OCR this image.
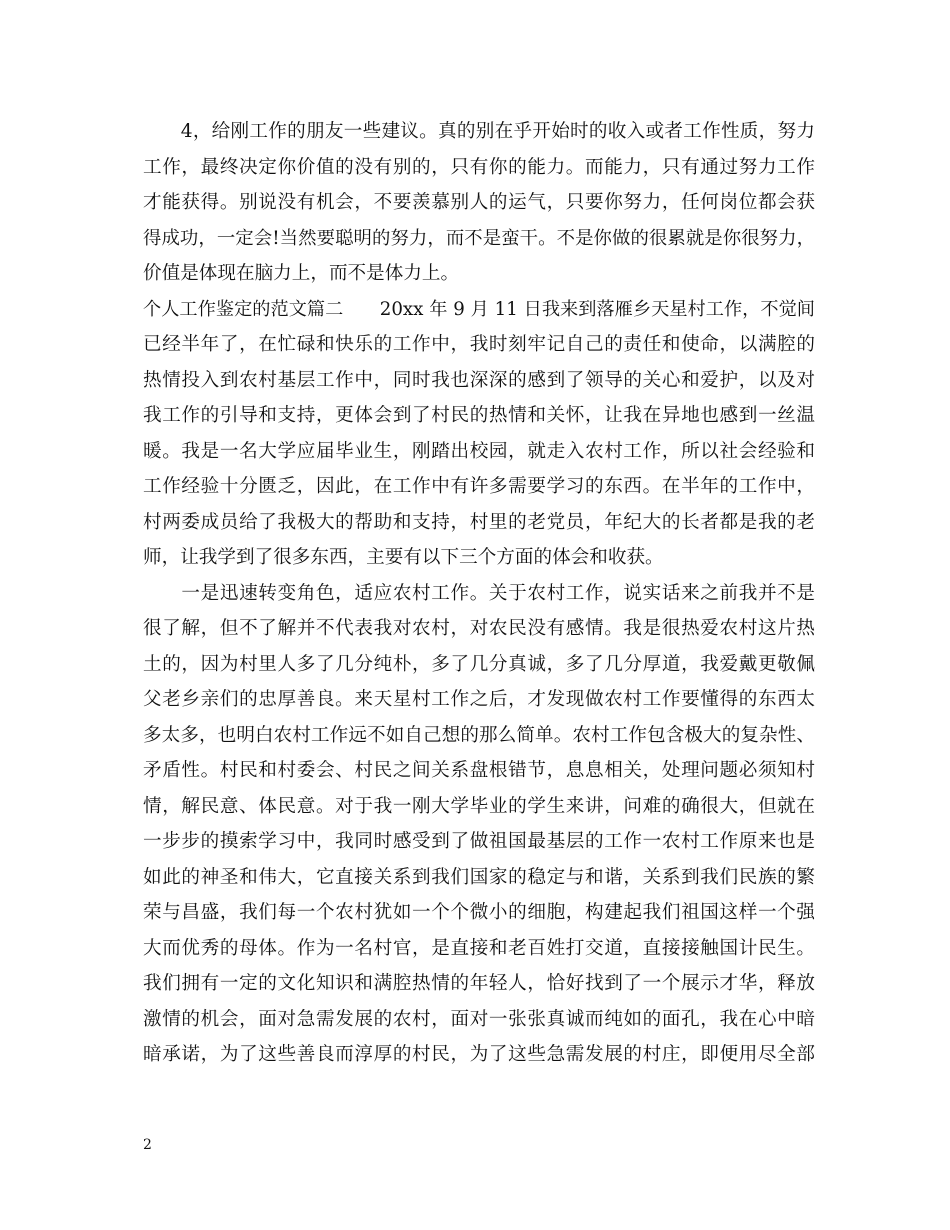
　　4，给刚工作的朋友一些建议。真的别在乎开始时的收入或者工作性质，努力
工作，最终决定你价值的没有别的，只有你的能力。而能力，只有通过努力工作
才能获得。别说没有机会，不要羡慕别人的运气，只要你努力，任何岗位都会获
得成功，一定会!当然要聪明的努力，而不是蛮干。不是你做的很累就是你很努力，
价值是体现在脑力上，而不是体力上。
个人工作鉴定的范文篇二　　20xx 年 9 月 11 日我来到落雁乡天星村工作，不觉间
已经半年了，在忙碌和快乐的工作中，我时刻牢记自己的责任和使命，以满腔的
热情投入到农村基层工作中，同时我也深深的感到了领导的关心和爱护，以及对
我工作的引导和支持，更体会到了村民的热情和关怀，让我在异地也感到一丝温
暖。我是一名大学应届毕业生，刚踏出校园，就走入农村工作，所以社会经验和
工作经验十分匮乏，因此，在工作中有许多需要学习的东西。在半年的工作中，
村两委成员给了我极大的帮助和支持，村里的老党员，年纪大的长者都是我的老
师，让我学到了很多东西，主要有以下三个方面的体会和收获。
　　一是迅速转变角色，适应农村工作。关于农村工作，说实话来之前我并不是
很了解，但不了解并不代表我对农村，对农民没有感情。我是很热爱农村这片热
土的，因为村里人多了几分纯朴，多了几分真诚，多了几分厚道，我爱戴更敬佩
父老乡亲们的忠厚善良。来天星村工作之后，才发现做农村工作要懂得的东西太
多太多，也明白农村工作远不如自己想的那么简单。农村工作包含极大的复杂性、
矛盾性。村民和村委会、村民之间关系盘根错节，息息相关，处理问题必须知村
情，解民意、体民意。对于我一刚大学毕业的学生来讲，问难的确很大，但就在
一步步的摸索学习中，我同时感受到了做祖国最基层的工作一农村工作原来也是
如此的神圣和伟大，它直接关系到我们国家的稳定与和谐，关系到我们民族的繁
荣与昌盛，我们每一个农村犹如一个个微小的细胞，构建起我们祖国这样一个强
大而优秀的母体。作为一名村官，是直接和老百姓打交道，直接接触国计民生。
我们拥有一定的文化知识和满腔热情的年轻人，恰好找到了一个展示才华，释放
激情的机会，面对急需发展的农村，面对一张张真诚而纯如的面孔，我在心中暗
暗承诺，为了这些善良而淳厚的村民，为了这些急需发展的村庄，即便用尽全部
2
